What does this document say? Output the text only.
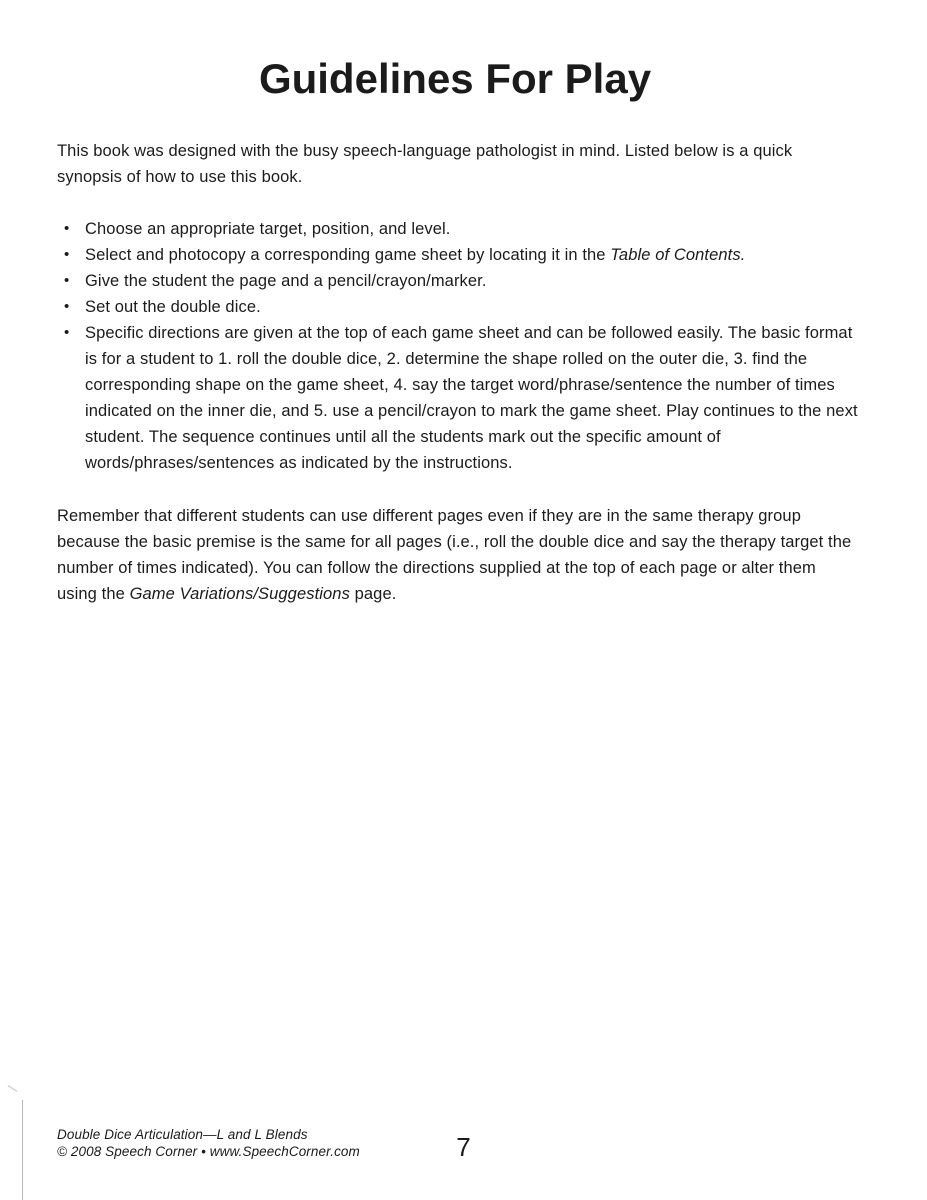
Guidelines For Play

This book was designed with the busy speech-language pathologist in mind. Listed below is a quick synopsis of how to use this book.

• Choose an appropriate target, position, and level.
• Select and photocopy a corresponding game sheet by locating it in the Table of Contents.
• Give the student the page and a pencil/crayon/marker.
• Set out the double dice.
• Specific directions are given at the top of each game sheet and can be followed easily. The basic format is for a student to 1. roll the double dice, 2. determine the shape rolled on the outer die, 3. find the corresponding shape on the game sheet, 4. say the target word/phrase/sentence the number of times indicated on the inner die, and 5. use a pencil/crayon to mark the game sheet. Play continues to the next student. The sequence continues until all the students mark out the specific amount of words/phrases/sentences as indicated by the instructions.

Remember that different students can use different pages even if they are in the same therapy group because the basic premise is the same for all pages (i.e., roll the double dice and say the therapy target the number of times indicated). You can follow the directions supplied at the top of each page or alter them using the Game Variations/Suggestions page.

Double Dice Articulation—L and L Blends
© 2008 Speech Corner • www.SpeechCorner.com	7
